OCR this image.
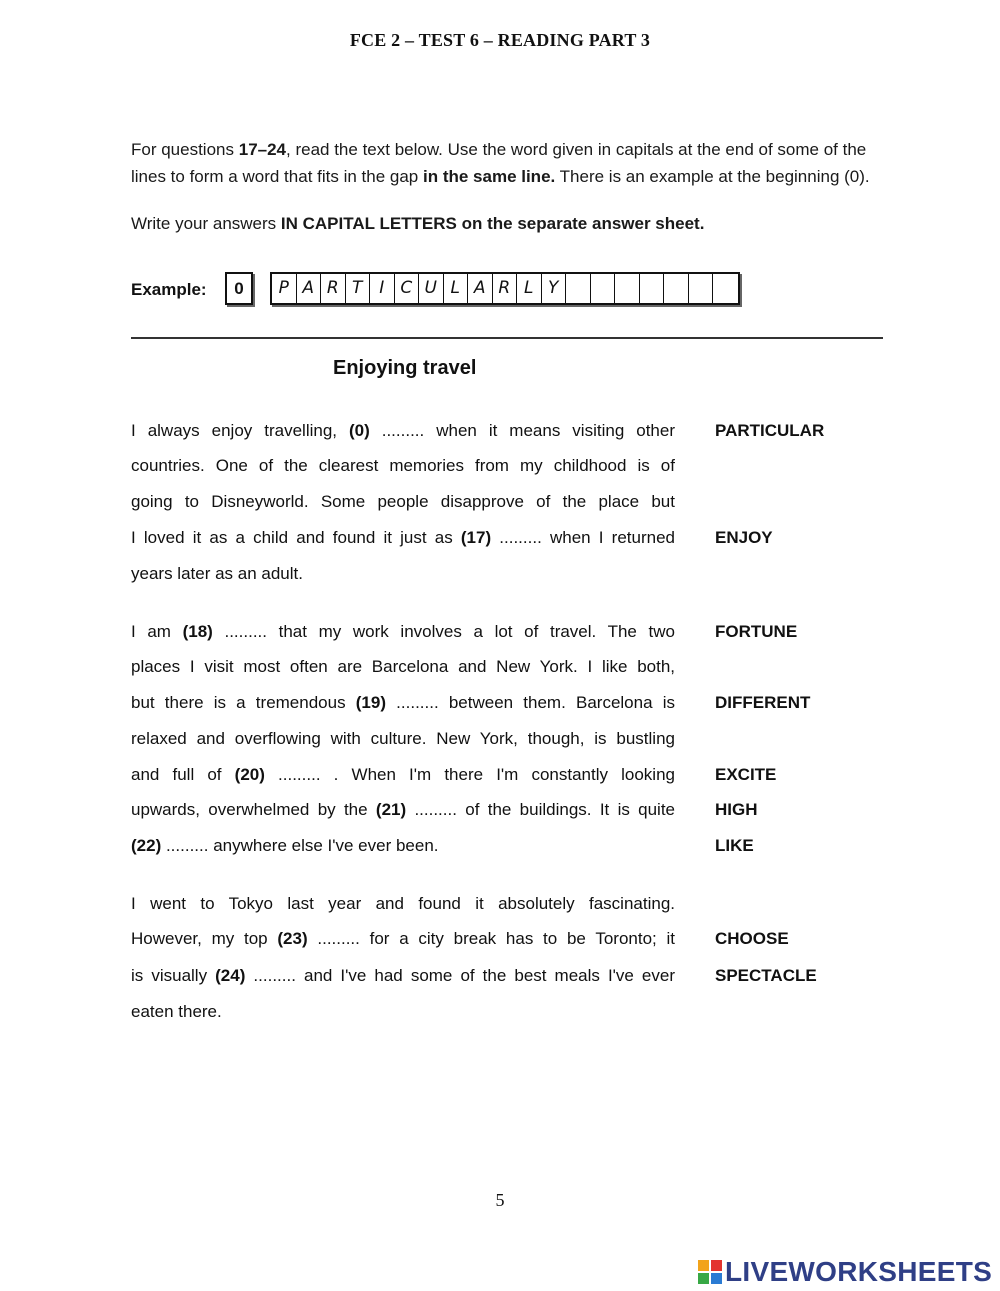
FCE 2 – TEST 6 – READING PART 3
For questions 17–24, read the text below. Use the word given in capitals at the end of some of the lines to form a word that fits in the gap in the same line. There is an example at the beginning (0).
Write your answers IN CAPITAL LETTERS on the separate answer sheet.
Example:	0	P A R T I C U L A R L Y
Enjoying travel
I always enjoy travelling, (0) ......... when it means visiting other PARTICULAR
countries. One of the clearest memories from my childhood is of
going to Disneyworld. Some people disapprove of the place but
I loved it as a child and found it just as (17) ......... when I returned ENJOY
years later as an adult.
I am (18) ......... that my work involves a lot of travel. The two FORTUNE
places I visit most often are Barcelona and New York. I like both,
but there is a tremendous (19) ......... between them. Barcelona is DIFFERENT
relaxed and overflowing with culture. New York, though, is bustling
and full of (20) ......... . When I'm there I'm constantly looking EXCITE
upwards, overwhelmed by the (21) ......... of the buildings. It is quite HIGH
(22) ......... anywhere else I've ever been.	LIKE
I went to Tokyo last year and found it absolutely fascinating.
However, my top (23) ......... for a city break has to be Toronto; it CHOOSE
is visually (24) ......... and I've had some of the best meals I've ever SPECTACLE
eaten there.
5
LIVEWORKSHEETS
